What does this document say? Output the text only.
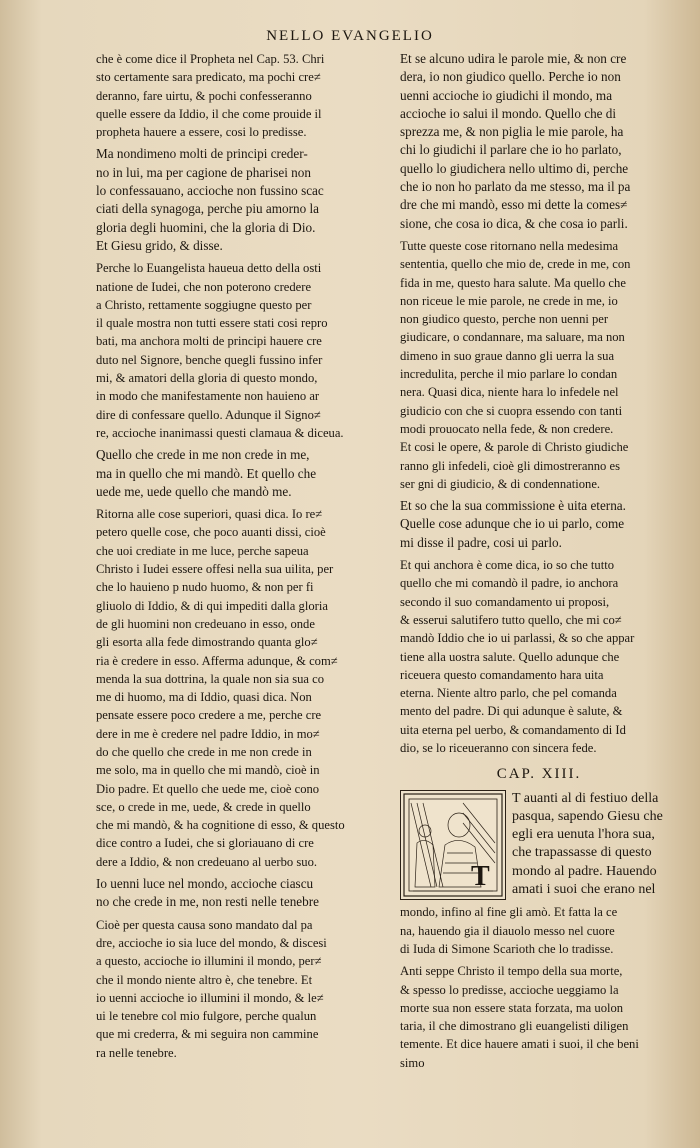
NELLO EVANGELIO
che è come dice il Propheta nel Cap. 53. Chri
sto certamente sara predicato, ma pochi cre≠
deranno, fare uirtu, & pochi confesseranno
quelle essere da Iddio, il che come prouide il
propheta hauere a essere, cosi lo predisse.
Ma nondimeno molti de principi creder-
no in lui, ma per cagione de pharisei non
lo confessauano, accioche non fussino scac
ciati della synagoga, perche piu amorno la
gloria degli huomini, che la gloria di Dio.
Et Giesu grido, & disse.
Perche lo Euangelista haueua detto della osti
natione de Iudei, che non poterono credere
a Christo, rettamente soggiugne questo per
il quale mostra non tutti essere stati cosi repro
bati, ma anchora molti de principi hauere cre
duto nel Signore, benche quegli fussino infer
mi, & amatori della gloria di questo mondo,
in modo che manifestamente non hauieno ar
dire di confessare quello. Adunque il Signo≠
re, accioche inanimassi questi clamaua & diceua.
Quello che crede in me non crede in me,
ma in quello che mi mandò. Et quello che
uede me, uede quello che mandò me.
Ritorna alle cose superiori, quasi dica. Io re≠
petero quelle cose, che poco auanti dissi, cioè
che uoi crediate in me luce, perche sapeua
Christo i Iudei essere offesi nella sua uilita, per
che lo hauieno p nudo huomo, & non per fi
gliuolo di Iddio, & di qui impediti dalla gloria
de gli huomini non credeuano in esso, onde
gli esorta alla fede dimostrando quanta glo≠
ria è credere in esso. Afferma adunque, & com≠
menda la sua dottrina, la quale non sia sua co
me di huomo, ma di Iddio, quasi dica. Non
pensate essere poco credere a me, perche cre
dere in me è credere nel padre Iddio, in mo≠
do che quello che crede in me non crede in
me solo, ma in quello che mi mandò, cioè in
Dio padre. Et quello che uede me, cioè cono
sce, o crede in me, uede, & crede in quello
che mi mandò, & ha cognitione di esso, & questo
dice contro a Iudei, che si gloriauano di cre
dere a Iddio, & non credeuano al uerbo suo.
Io uenni luce nel mondo, accioche ciascu
no che crede in me, non resti nelle tenebre
Cioè per questa causa sono mandato dal pa
dre, accioche io sia luce del mondo, & discesi
a questo, accioche io illumini il mondo, per≠
che il mondo niente altro è, che tenebre. Et
io uenni accioche io illumini il mondo, & le≠
ui le tenebre col mio fulgore, perche qualun
que mi crederra, & mi seguira non cammine
ra nelle tenebre.
Et se alcuno udira le parole mie, & non cre
dera, io non giudico quello. Perche io non
uenni accioche io giudichi il mondo, ma
accioche io salui il mondo. Quello che di
sprezza me, & non piglia le mie parole, ha
chi lo giudichi il parlare che io ho parlato,
quello lo giudichera nello ultimo di, perche
che io non ho parlato da me stesso, ma il pa
dre che mi mandò, esso mi dette la comes≠
sione, che cosa io dica, & che cosa io parli.
Tutte queste cose ritornano nella medesima
sententia, quello che mio de, crede in me, con
fida in me, questo hara salute. Ma quello che
non riceue le mie parole, ne crede in me, io
non giudico questo, perche non uenni per
giudicare, o condannare, ma saluare, ma non
dimeno in suo graue danno gli uerra la sua
incredulita, perche il mio parlare lo condan
nera. Quasi dica, niente hara lo infedele nel
giudicio con che si cuopra essendo con tanti
modi prouocato nella fede, & non credere.
Et cosi le opere, & parole di Christo giudiche
ranno gli infedeli, cioè gli dimostreranno es
ser gni di giudicio, & di condennatione.
Et so che la sua commissione è uita eterna.
Quelle cose adunque che io ui parlo, come
mi disse il padre, cosi ui parlo.
Et qui anchora è come dica, io so che tutto
quello che mi comandò il padre, io anchora
secondo il suo comandamento ui proposi,
& esserui salutifero tutto quello, che mi co≠
mandò Iddio che io ui parlassi, & so che appar
tiene alla uostra salute. Quello adunque che
riceuera questo comandamento hara uita
eterna. Niente altro parlo, che pel comanda
mento del padre. Di qui adunque è salute, &
uita eterna pel uerbo, & comandamento di Id
dio, se lo riceueranno con sincera fede.
CAP. XIII.
T
T auanti al di festiuo della
pasqua, sapendo Giesu che
egli era uenuta l'hora sua,
che trapassasse di questo
mondo al padre. Hauendo
amati i suoi che erano nel
mondo, infino al fine gli amò. Et fatta la ce
na, hauendo gia il diauolo messo nel cuore
di Iuda di Simone Scarioth che lo tradisse.
Anti seppe Christo il tempo della sua morte,
& spesso lo predisse, accioche ueggiamo la
morte sua non essere stata forzata, ma uolon
taria, il che dimostrano gli euangelisti diligen
temente. Et dice hauere amati i suoi, il che beni
simo
